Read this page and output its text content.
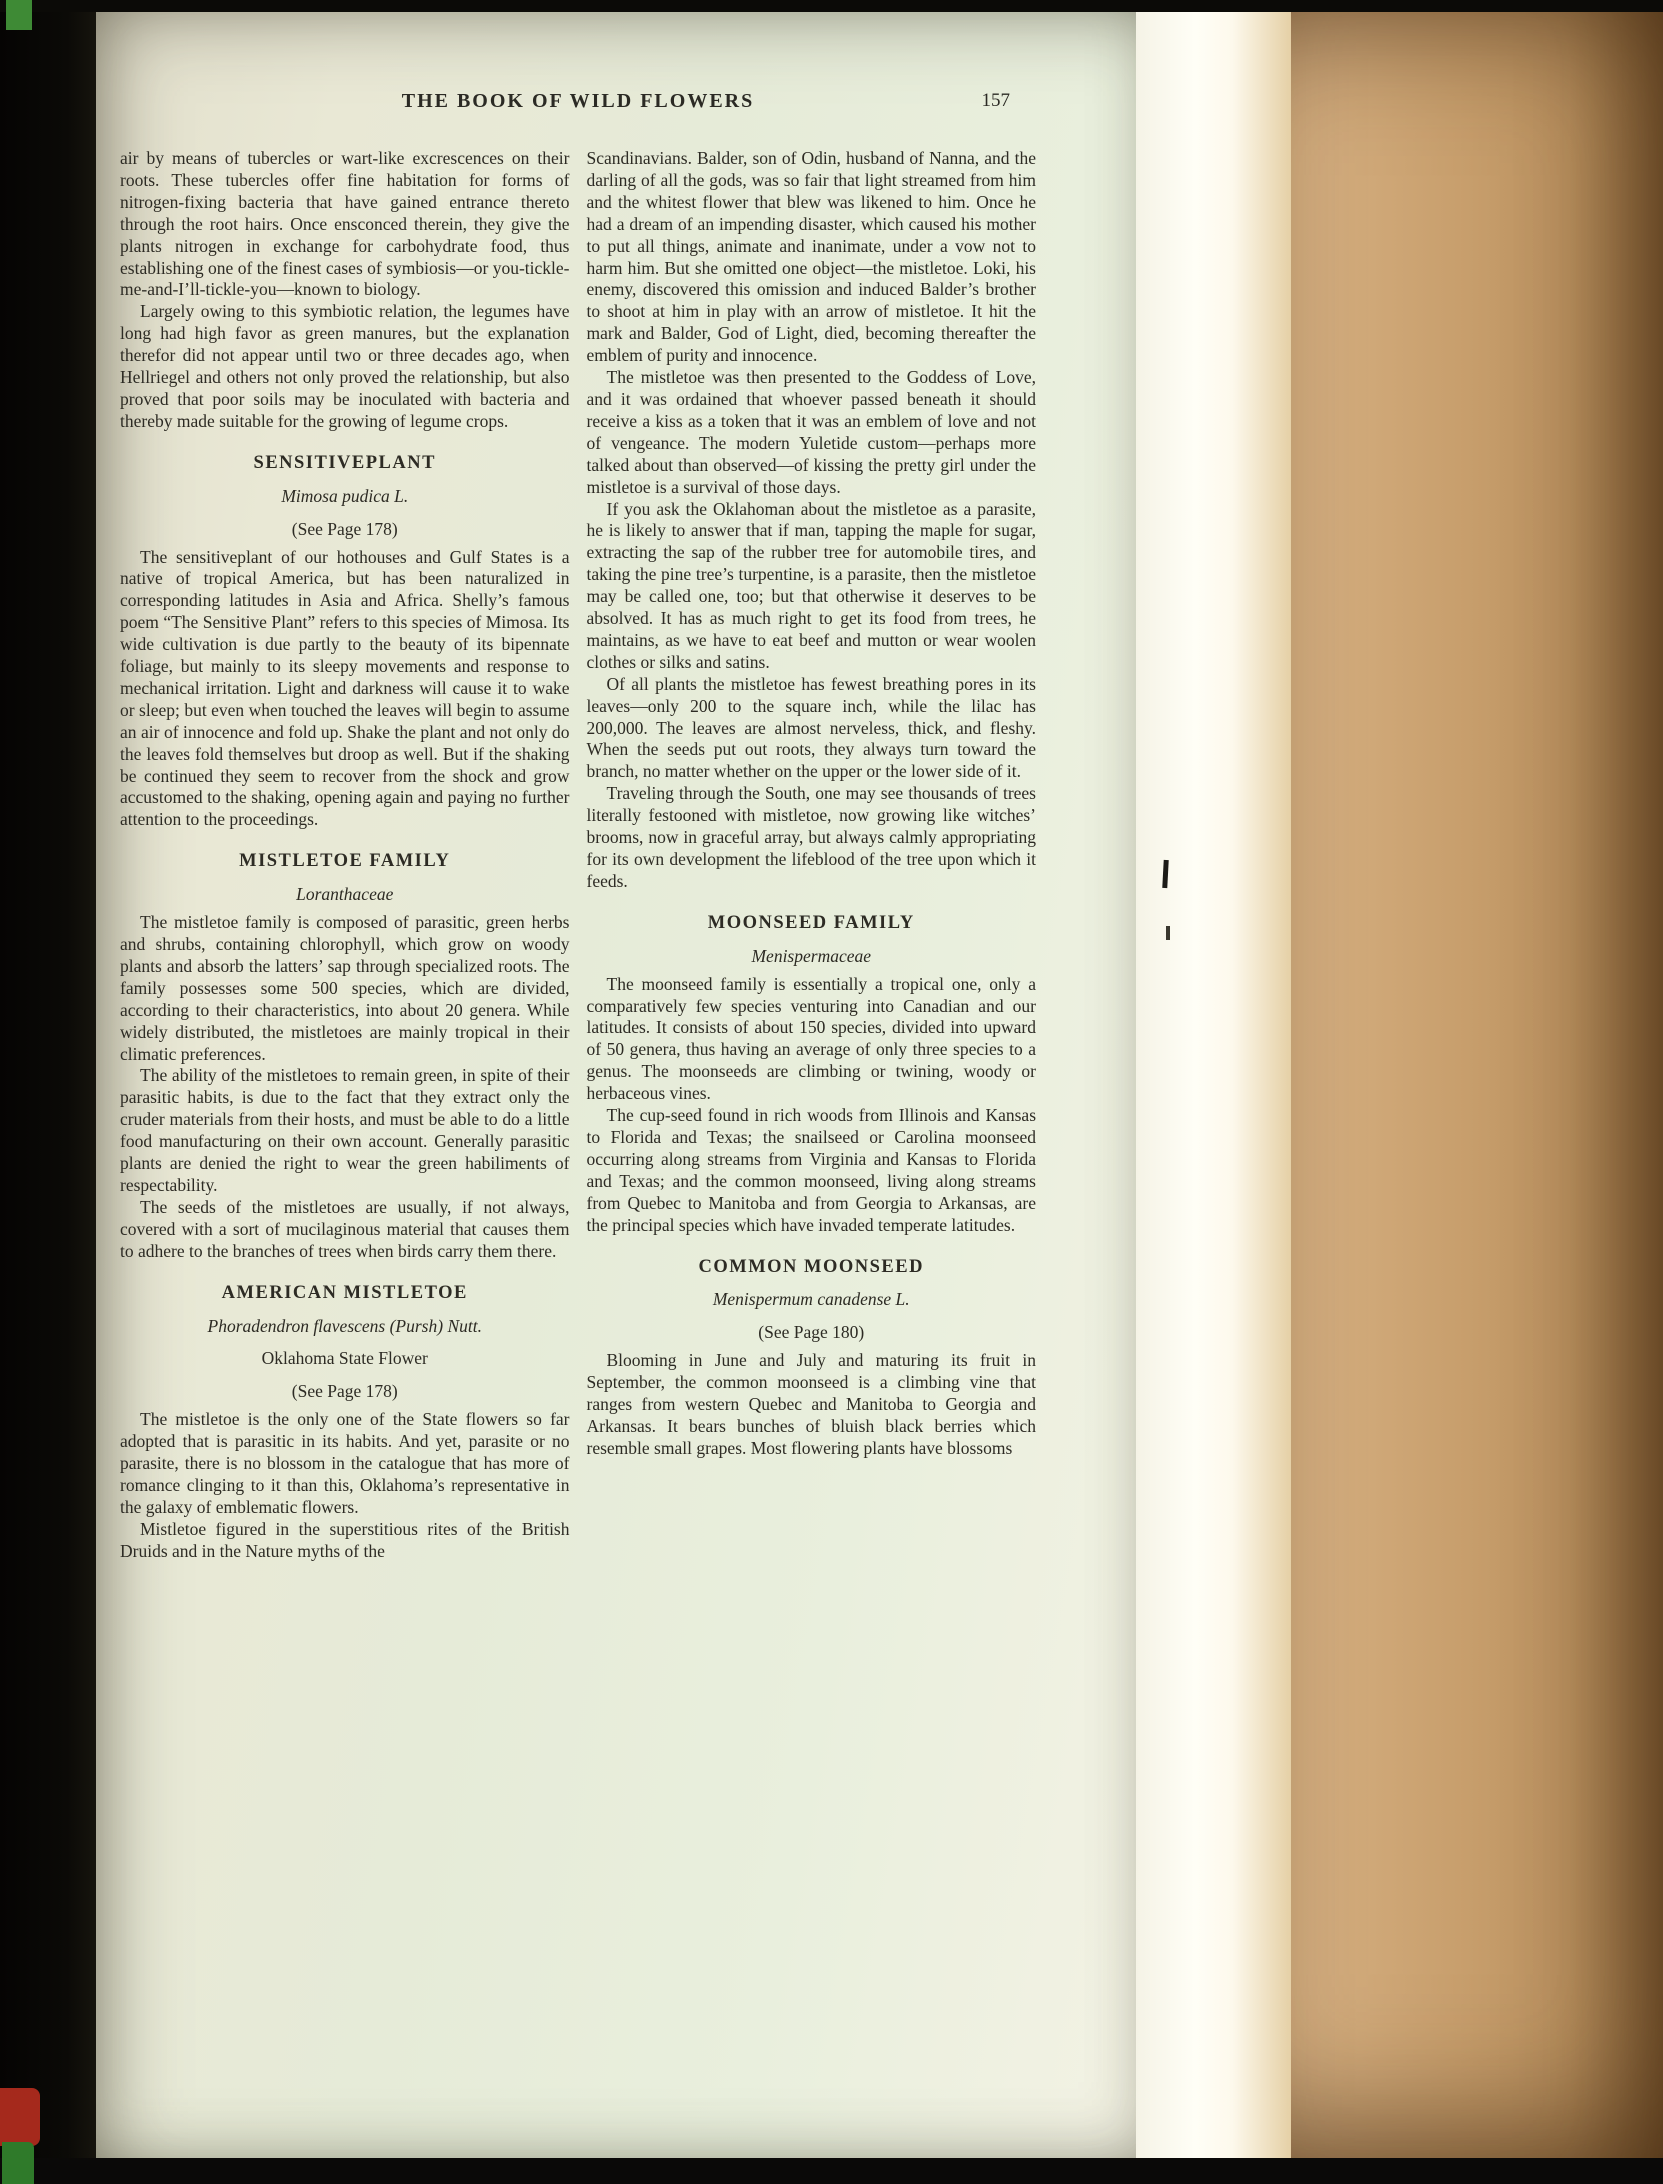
THE BOOK OF WILD FLOWERS	157
air by means of tubercles or wart-like excrescences on their roots. These tubercles offer fine habitation for forms of nitrogen-fixing bacteria that have gained entrance thereto through the root hairs. Once ensconced therein, they give the plants nitrogen in exchange for carbohydrate food, thus establishing one of the finest cases of symbiosis—or you-tickle-me-and-I’ll-tickle-you—known to biology.
Largely owing to this symbiotic relation, the legumes have long had high favor as green manures, but the explanation therefor did not appear until two or three decades ago, when Hellriegel and others not only proved the relationship, but also proved that poor soils may be inoculated with bacteria and thereby made suitable for the growing of legume crops.
SENSITIVEPLANT
Mimosa pudica L.
(See Page 178)
The sensitiveplant of our hothouses and Gulf States is a native of tropical America, but has been naturalized in corresponding latitudes in Asia and Africa. Shelly’s famous poem “The Sensitive Plant” refers to this species of Mimosa. Its wide cultivation is due partly to the beauty of its bipennate foliage, but mainly to its sleepy movements and response to mechanical irritation. Light and darkness will cause it to wake or sleep; but even when touched the leaves will begin to assume an air of innocence and fold up. Shake the plant and not only do the leaves fold themselves but droop as well. But if the shaking be continued they seem to recover from the shock and grow accustomed to the shaking, opening again and paying no further attention to the proceedings.
MISTLETOE FAMILY
Loranthaceae
The mistletoe family is composed of parasitic, green herbs and shrubs, containing chlorophyll, which grow on woody plants and absorb the latters’ sap through specialized roots. The family possesses some 500 species, which are divided, according to their characteristics, into about 20 genera. While widely distributed, the mistletoes are mainly tropical in their climatic preferences.
The ability of the mistletoes to remain green, in spite of their parasitic habits, is due to the fact that they extract only the cruder materials from their hosts, and must be able to do a little food manufacturing on their own account. Generally parasitic plants are denied the right to wear the green habiliments of respectability.
The seeds of the mistletoes are usually, if not always, covered with a sort of mucilaginous material that causes them to adhere to the branches of trees when birds carry them there.
AMERICAN MISTLETOE
Phoradendron flavescens (Pursh) Nutt.
Oklahoma State Flower
(See Page 178)
The mistletoe is the only one of the State flowers so far adopted that is parasitic in its habits. And yet, parasite or no parasite, there is no blossom in the catalogue that has more of romance clinging to it than this, Oklahoma’s representative in the galaxy of emblematic flowers.
Mistletoe figured in the superstitious rites of the British Druids and in the Nature myths of the
Scandinavians. Balder, son of Odin, husband of Nanna, and the darling of all the gods, was so fair that light streamed from him and the whitest flower that blew was likened to him. Once he had a dream of an impending disaster, which caused his mother to put all things, animate and inanimate, under a vow not to harm him. But she omitted one object—the mistletoe. Loki, his enemy, discovered this omission and induced Balder’s brother to shoot at him in play with an arrow of mistletoe. It hit the mark and Balder, God of Light, died, becoming thereafter the emblem of purity and innocence.
The mistletoe was then presented to the Goddess of Love, and it was ordained that whoever passed beneath it should receive a kiss as a token that it was an emblem of love and not of vengeance. The modern Yuletide custom—perhaps more talked about than observed—of kissing the pretty girl under the mistletoe is a survival of those days.
If you ask the Oklahoman about the mistletoe as a parasite, he is likely to answer that if man, tapping the maple for sugar, extracting the sap of the rubber tree for automobile tires, and taking the pine tree’s turpentine, is a parasite, then the mistletoe may be called one, too; but that otherwise it deserves to be absolved. It has as much right to get its food from trees, he maintains, as we have to eat beef and mutton or wear woolen clothes or silks and satins.
Of all plants the mistletoe has fewest breathing pores in its leaves—only 200 to the square inch, while the lilac has 200,000. The leaves are almost nerveless, thick, and fleshy. When the seeds put out roots, they always turn toward the branch, no matter whether on the upper or the lower side of it.
Traveling through the South, one may see thousands of trees literally festooned with mistletoe, now growing like witches’ brooms, now in graceful array, but always calmly appropriating for its own development the lifeblood of the tree upon which it feeds.
MOONSEED FAMILY
Menispermaceae
The moonseed family is essentially a tropical one, only a comparatively few species venturing into Canadian and our latitudes. It consists of about 150 species, divided into upward of 50 genera, thus having an average of only three species to a genus. The moonseeds are climbing or twining, woody or herbaceous vines.
The cup-seed found in rich woods from Illinois and Kansas to Florida and Texas; the snailseed or Carolina moonseed occurring along streams from Virginia and Kansas to Florida and Texas; and the common moonseed, living along streams from Quebec to Manitoba and from Georgia to Arkansas, are the principal species which have invaded temperate latitudes.
COMMON MOONSEED
Menispermum canadense L.
(See Page 180)
Blooming in June and July and maturing its fruit in September, the common moonseed is a climbing vine that ranges from western Quebec and Manitoba to Georgia and Arkansas. It bears bunches of bluish black berries which resemble small grapes. Most flowering plants have blossoms
